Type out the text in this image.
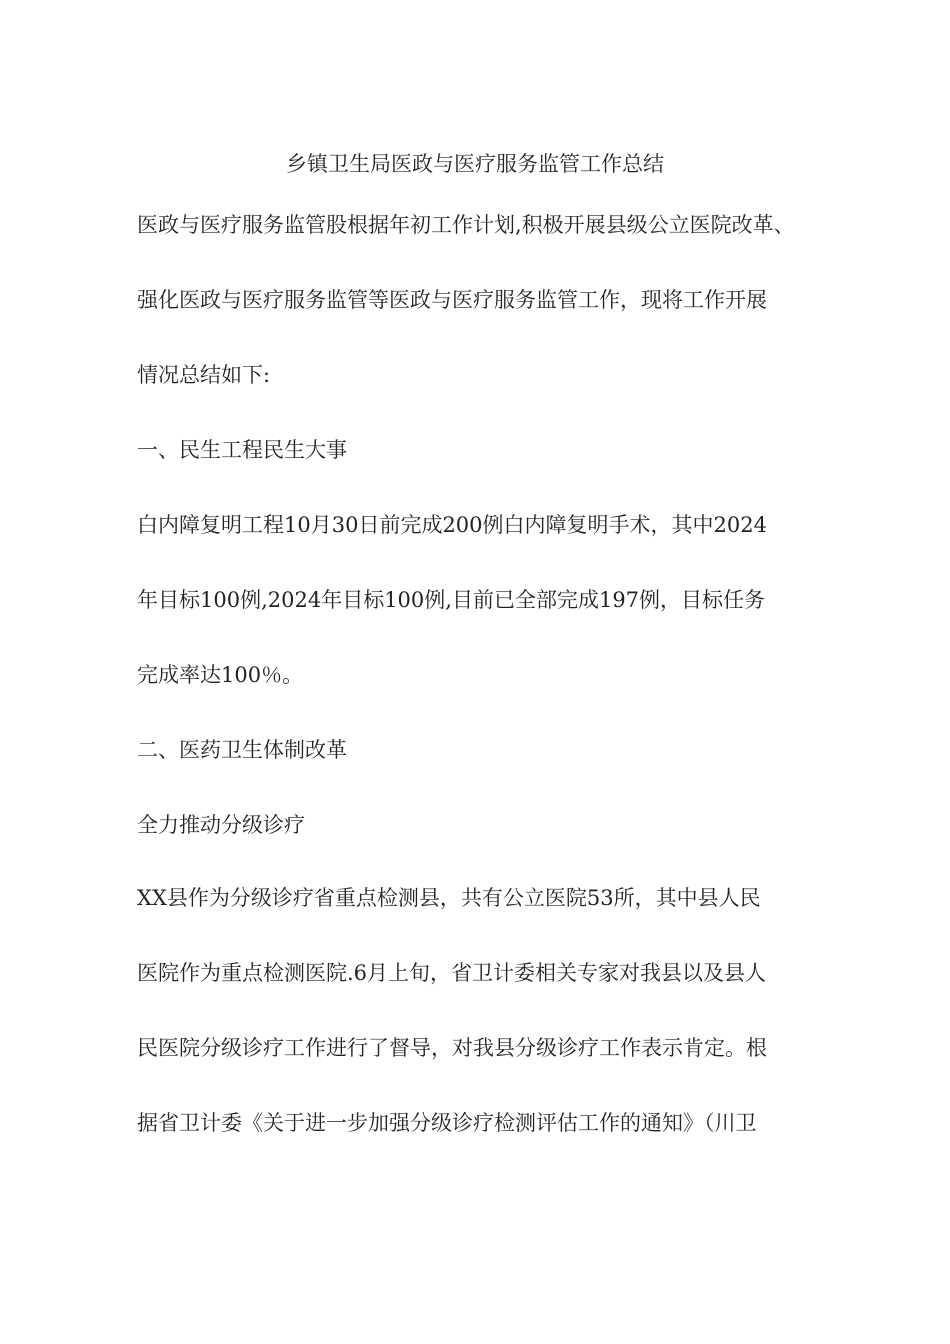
乡镇卫生局医政与医疗服务监管工作总结
医政与医疗服务监管股根据年初工作计划,积极开展县级公立医院改革、
强化医政与医疗服务监管等医政与医疗服务监管工作，现将工作开展
情况总结如下:
一、民生工程民生大事
白内障复明工程10月30日前完成200例白内障复明手术，其中2024
年目标100例,2024年目标100例,目前已全部完成197例，目标任务
完成率达100％。
二、医药卫生体制改革
全力推动分级诊疗
XX县作为分级诊疗省重点检测县，共有公立医院53所，其中县人民
医院作为重点检测医院.6月上旬，省卫计委相关专家对我县以及县人
民医院分级诊疗工作进行了督导，对我县分级诊疗工作表示肯定。根
据省卫计委《关于进一步加强分级诊疗检测评估工作的通知》（川卫
